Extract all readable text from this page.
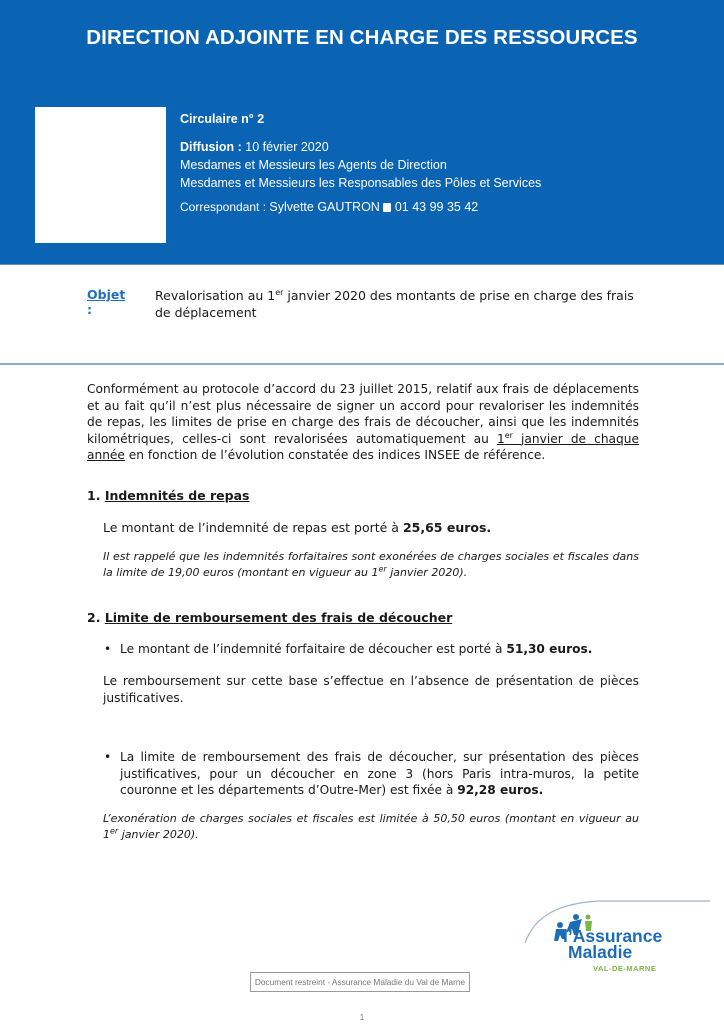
DIRECTION ADJOINTE EN CHARGE DES RESSOURCES
Circulaire n° 2
Diffusion : 10 février 2020
Mesdames et Messieurs les Agents de Direction
Mesdames et Messieurs les Responsables des Pôles et Services
Correspondant : Sylvette GAUTRON 01 43 99 35 42
Objet :
Revalorisation au 1er janvier 2020 des montants de prise en charge des frais de déplacement
Conformément au protocole d’accord du 23 juillet 2015, relatif aux frais de déplacements et au fait qu’il n’est plus nécessaire de signer un accord pour revaloriser les indemnités de repas, les limites de prise en charge des frais de découcher, ainsi que les indemnités kilométriques, celles-ci sont revalorisées automatiquement au 1er janvier de chaque année en fonction de l’évolution constatée des indices INSEE de référence.
1. Indemnités de repas
Le montant de l’indemnité de repas est porté à 25,65 euros.
Il est rappelé que les indemnités forfaitaires sont exonérées de charges sociales et fiscales dans la limite de 19,00 euros (montant en vigueur au 1er janvier 2020).
2. Limite de remboursement des frais de découcher
• Le montant de l’indemnité forfaitaire de découcher est porté à 51,30 euros.
Le remboursement sur cette base s’effectue en l’absence de présentation de pièces justificatives.
• La limite de remboursement des frais de découcher, sur présentation des pièces justificatives, pour un découcher en zone 3 (hors Paris intra-muros, la petite couronne et les départements d’Outre-Mer) est fixée à 92,28 euros.
L’exonération de charges sociales et fiscales est limitée à 50,50 euros (montant en vigueur au 1er janvier 2020).
l’Assurance
Maladie
VAL-DE-MARNE
Document restreint - Assurance Maladie du Val de Marne
1
